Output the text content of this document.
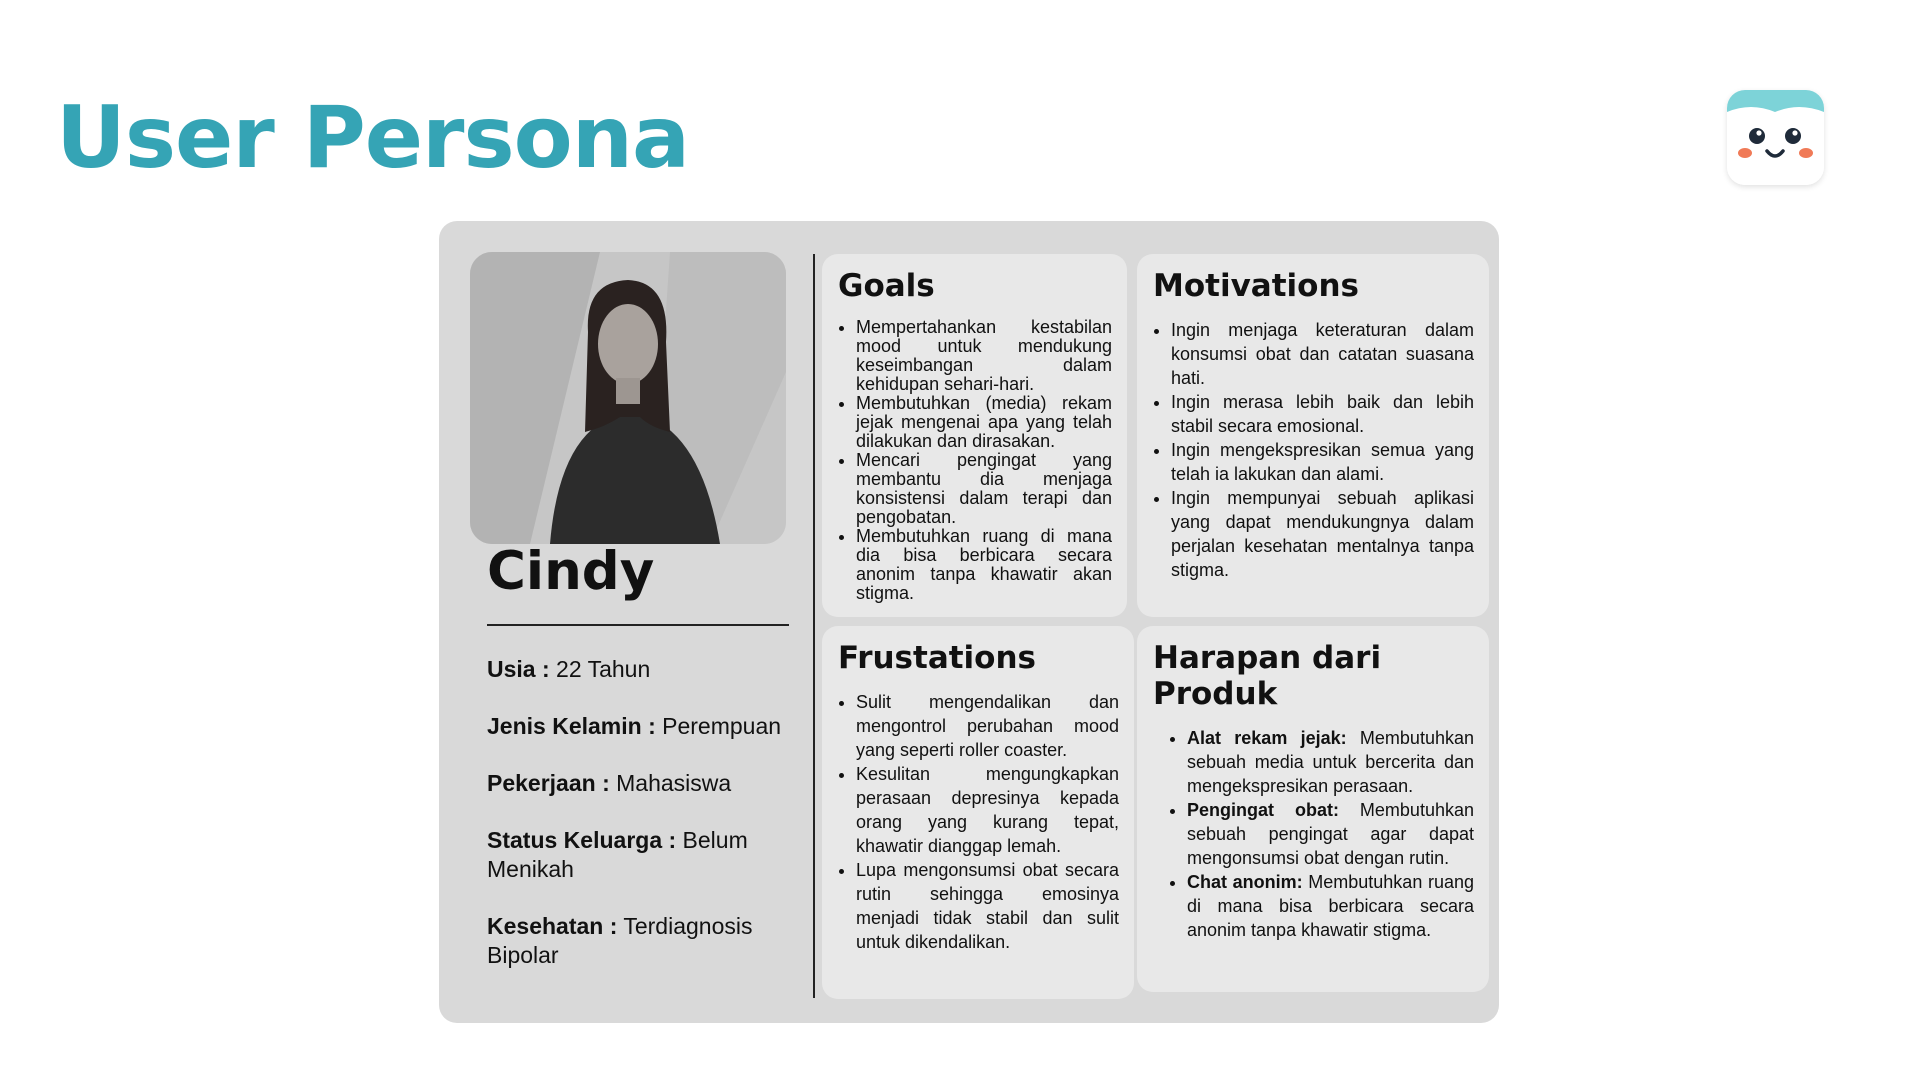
User Persona
Cindy

Usia : 22 Tahun

Jenis Kelamin : Perempuan

Pekerjaan : Mahasiswa

Status Keluarga : Belum Menikah

Kesehatan : Terdiagnosis Bipolar

Goals
• Mempertahankan kestabilan mood untuk mendukung keseimbangan dalam kehidupan sehari-hari.
• Membutuhkan (media) rekam jejak mengenai apa yang telah dilakukan dan dirasakan.
• Mencari pengingat yang membantu dia menjaga konsistensi dalam terapi dan pengobatan.
• Membutuhkan ruang di mana dia bisa berbicara secara anonim tanpa khawatir akan stigma.
Motivations
• Ingin menjaga keteraturan dalam konsumsi obat dan catatan suasana hati.
• Ingin merasa lebih baik dan lebih stabil secara emosional.
• Ingin mengekspresikan semua yang telah ia lakukan dan alami.
• Ingin mempunyai sebuah aplikasi yang dapat mendukungnya dalam perjalan kesehatan mentalnya tanpa stigma.
Frustations
• Sulit mengendalikan dan mengontrol perubahan mood yang seperti roller coaster.
• Kesulitan mengungkapkan perasaan depresinya kepada orang yang kurang tepat, khawatir dianggap lemah.
• Lupa mengonsumsi obat secara rutin sehingga emosinya menjadi tidak stabil dan sulit untuk dikendalikan.
Harapan dari Produk
• Alat rekam jejak: Membutuhkan sebuah media untuk bercerita dan mengekspresikan perasaan.
• Pengingat obat: Membutuhkan sebuah pengingat agar dapat mengonsumsi obat dengan rutin.
• Chat anonim: Membutuhkan ruang di mana bisa berbicara secara anonim tanpa khawatir stigma.
